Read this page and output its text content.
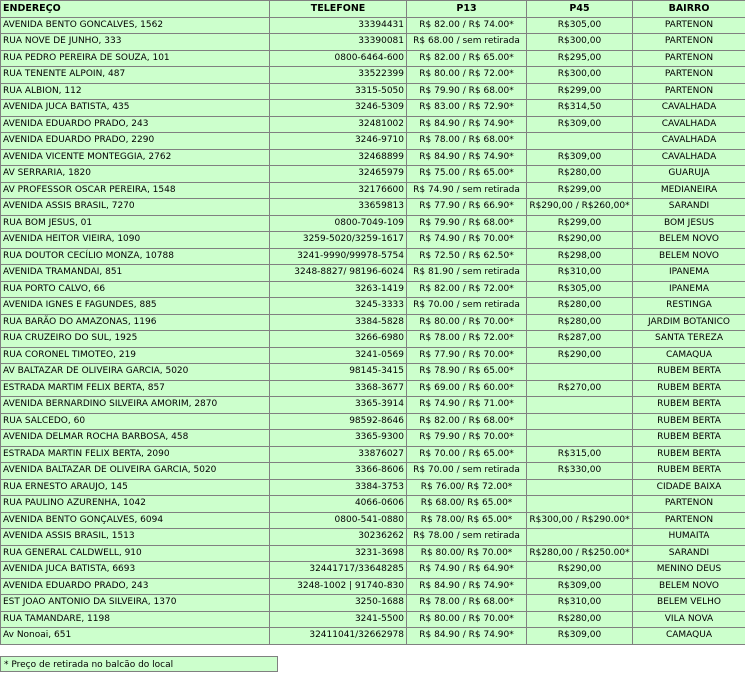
ENDEREÇO	TELEFONE	P13	P45	BAIRRO
AVENIDA BENTO GONCALVES, 1562	33394431	R$ 82.00 / R$ 74.00*	R$305,00	PARTENON
RUA NOVE DE JUNHO, 333	33390081	R$ 68.00 / sem retirada	R$300,00	PARTENON
RUA PEDRO PEREIRA DE SOUZA, 101	0800-6464-600	R$ 82.00 / R$ 65.00*	R$295,00	PARTENON
RUA TENENTE ALPOIN, 487	33522399	R$ 80.00 / R$ 72.00*	R$300,00	PARTENON
RUA ALBION, 112	3315-5050	R$ 79.90 / R$ 68.00*	R$299,00	PARTENON
AVENIDA JUCA BATISTA, 435	3246-5309	R$ 83.00 / R$ 72.90*	R$314,50	CAVALHADA
AVENIDA EDUARDO PRADO, 243	32481002	R$ 84.90 / R$ 74.90*	R$309,00	CAVALHADA
AVENIDA EDUARDO PRADO, 2290	3246-9710	R$ 78.00 / R$ 68.00*		CAVALHADA
AVENIDA VICENTE MONTEGGIA, 2762	32468899	R$ 84.90 / R$ 74.90*	R$309,00	CAVALHADA
AV SERRARIA, 1820	32465979	R$ 75.00 / R$ 65.00*	R$280,00	GUARUJA
AV PROFESSOR OSCAR PEREIRA, 1548	32176600	R$ 74.90 / sem retirada	R$299,00	MEDIANEIRA
AVENIDA ASSIS BRASIL, 7270	33659813	R$ 77.90 / R$ 66.90*	R$290,00 / R$260,00*	SARANDI
RUA BOM JESUS, 01	0800-7049-109	R$ 79.90 / R$ 68.00*	R$299,00	BOM JESUS
AVENIDA HEITOR VIEIRA, 1090	3259-5020/3259-1617	R$ 74.90 / R$ 70.00*	R$290,00	BELEM NOVO
RUA DOUTOR CECÍLIO MONZA, 10788	3241-9990/99978-5754	R$ 72.50 / R$ 62.50*	R$298,00	BELEM NOVO
AVENIDA TRAMANDAI, 851	3248-8827/ 98196-6024	R$ 81.90 / sem retirada	R$310,00	IPANEMA
RUA PORTO CALVO, 66	3263-1419	R$ 82.00 / R$ 72.00*	R$305,00	IPANEMA
AVENIDA IGNES E FAGUNDES, 885	3245-3333	R$ 70.00 / sem retirada	R$280,00	RESTINGA
RUA BARÃO DO AMAZONAS, 1196	3384-5828	R$ 80.00 / R$ 70.00*	R$280,00	JARDIM BOTANICO
RUA CRUZEIRO DO SUL, 1925	3266-6980	R$ 78.00 / R$ 72.00*	R$287,00	SANTA TEREZA
RUA CORONEL TIMOTEO, 219	3241-0569	R$ 77.90 / R$ 70.00*	R$290,00	CAMAQUA
AV BALTAZAR DE OLIVEIRA GARCIA, 5020	98145-3415	R$ 78.90 / R$ 65.00*		RUBEM BERTA
ESTRADA MARTIM FELIX BERTA, 857	3368-3677	R$ 69.00 / R$ 60.00*	R$270,00	RUBEM BERTA
AVENIDA BERNARDINO SILVEIRA AMORIM, 2870	3365-3914	R$ 74.90 / R$ 71.00*		RUBEM BERTA
RUA SALCEDO, 60	98592-8646	R$ 82.00 / R$ 68.00*		RUBEM BERTA
AVENIDA DELMAR ROCHA BARBOSA, 458	3365-9300	R$ 79.90 / R$ 70.00*		RUBEM BERTA
ESTRADA MARTIN FELIX BERTA, 2090	33876027	R$ 70.00 / R$ 65.00*	R$315,00	RUBEM BERTA
AVENIDA BALTAZAR DE OLIVEIRA GARCIA, 5020	3366-8606	R$ 70.00 / sem retirada	R$330,00	RUBEM BERTA
RUA ERNESTO ARAUJO, 145	3384-3753	R$ 76.00/ R$ 72.00*		CIDADE BAIXA
RUA PAULINO AZURENHA, 1042	4066-0606	R$ 68.00/ R$ 65.00*		PARTENON
AVENIDA BENTO GONÇALVES, 6094	0800-541-0880	R$ 78.00/ R$ 65.00*	R$300,00 / R$290.00*	PARTENON
AVENIDA ASSIS BRASIL, 1513	30236262	R$ 78.00 / sem retirada		HUMAITA
RUA GENERAL CALDWELL, 910	3231-3698	R$ 80.00/ R$ 70.00*	R$280,00 / R$250.00*	SARANDI
AVENIDA JUCA BATISTA, 6693	32441717/33648285	R$ 74.90 / R$ 64.90*	R$290,00	MENINO DEUS
AVENIDA EDUARDO PRADO, 243	3248-1002 | 91740-830	R$ 84.90 / R$ 74.90*	R$309,00	BELEM NOVO
EST JOAO ANTONIO DA SILVEIRA, 1370	3250-1688	R$ 78.00 / R$ 68.00*	R$310,00	BELEM VELHO
RUA TAMANDARE, 1198	3241-5500	R$ 80.00 / R$ 70.00*	R$280,00	VILA NOVA
Av Nonoai, 651	32411041/32662978	R$ 84.90 / R$ 74.90*	R$309,00	CAMAQUA
* Preço de retirada no balcão do local
